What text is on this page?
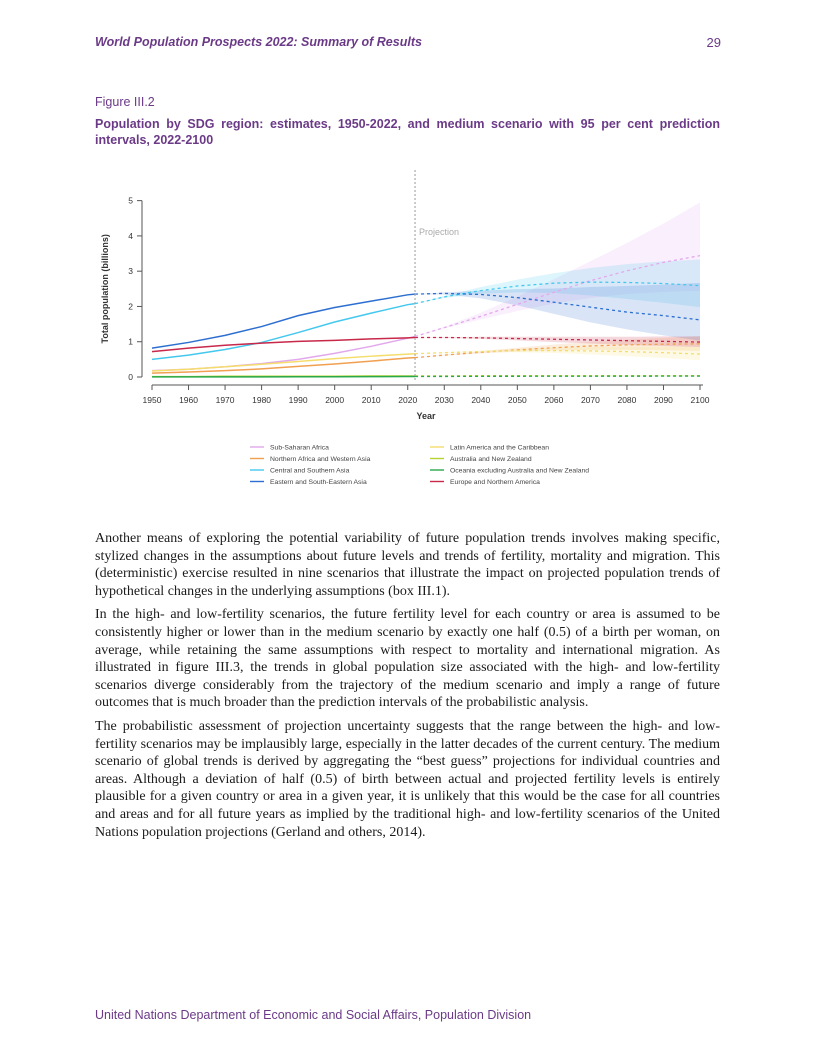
World Population Prospects 2022: Summary of Results	29
Figure III.2
Population by SDG region: estimates, 1950-2022, and medium scenario with 95 per cent prediction intervals, 2022-2100
Projection
1950 1960 1970 1980 1990 2000 2010 2020 2030 2040 2050 2060 2070 2080 2090 2100
0
1
2
3
4
5
Year
Total population (billions)
Sub-Saharan Africa	Latin America and the Caribbean
Northern Africa and Western Asia	Australia and New Zealand
Central and Southern Asia	Oceania excluding Australia and New Zealand
Eastern and South-Eastern Asia	Europe and Northern America

Another means of exploring the potential variability of future population trends involves making specific, stylized changes in the assumptions about future levels and trends of fertility, mortality and migration. This (deterministic) exercise resulted in nine scenarios that illustrate the impact on projected population trends of hypothetical changes in the underlying assumptions (box III.1).

In the high- and low-fertility scenarios, the future fertility level for each country or area is assumed to be consistently higher or lower than in the medium scenario by exactly one half (0.5) of a birth per woman, on average, while retaining the same assumptions with respect to mortality and international migration. As illustrated in figure III.3, the trends in global population size associated with the high- and low-fertility scenarios diverge considerably from the trajectory of the medium scenario and imply a range of future outcomes that is much broader than the prediction intervals of the probabilistic analysis.

The probabilistic assessment of projection uncertainty suggests that the range between the high- and low-fertility scenarios may be implausibly large, especially in the latter decades of the current century. The medium scenario of global trends is derived by aggregating the “best guess” projections for individual countries and areas. Although a deviation of half (0.5) of birth between actual and projected fertility levels is entirely plausible for a given country or area in a given year, it is unlikely that this would be the case for all countries and areas and for all future years as implied by the traditional high- and low-fertility scenarios of the United Nations population projections (Gerland and others, 2014).

United Nations Department of Economic and Social Affairs, Population Division
